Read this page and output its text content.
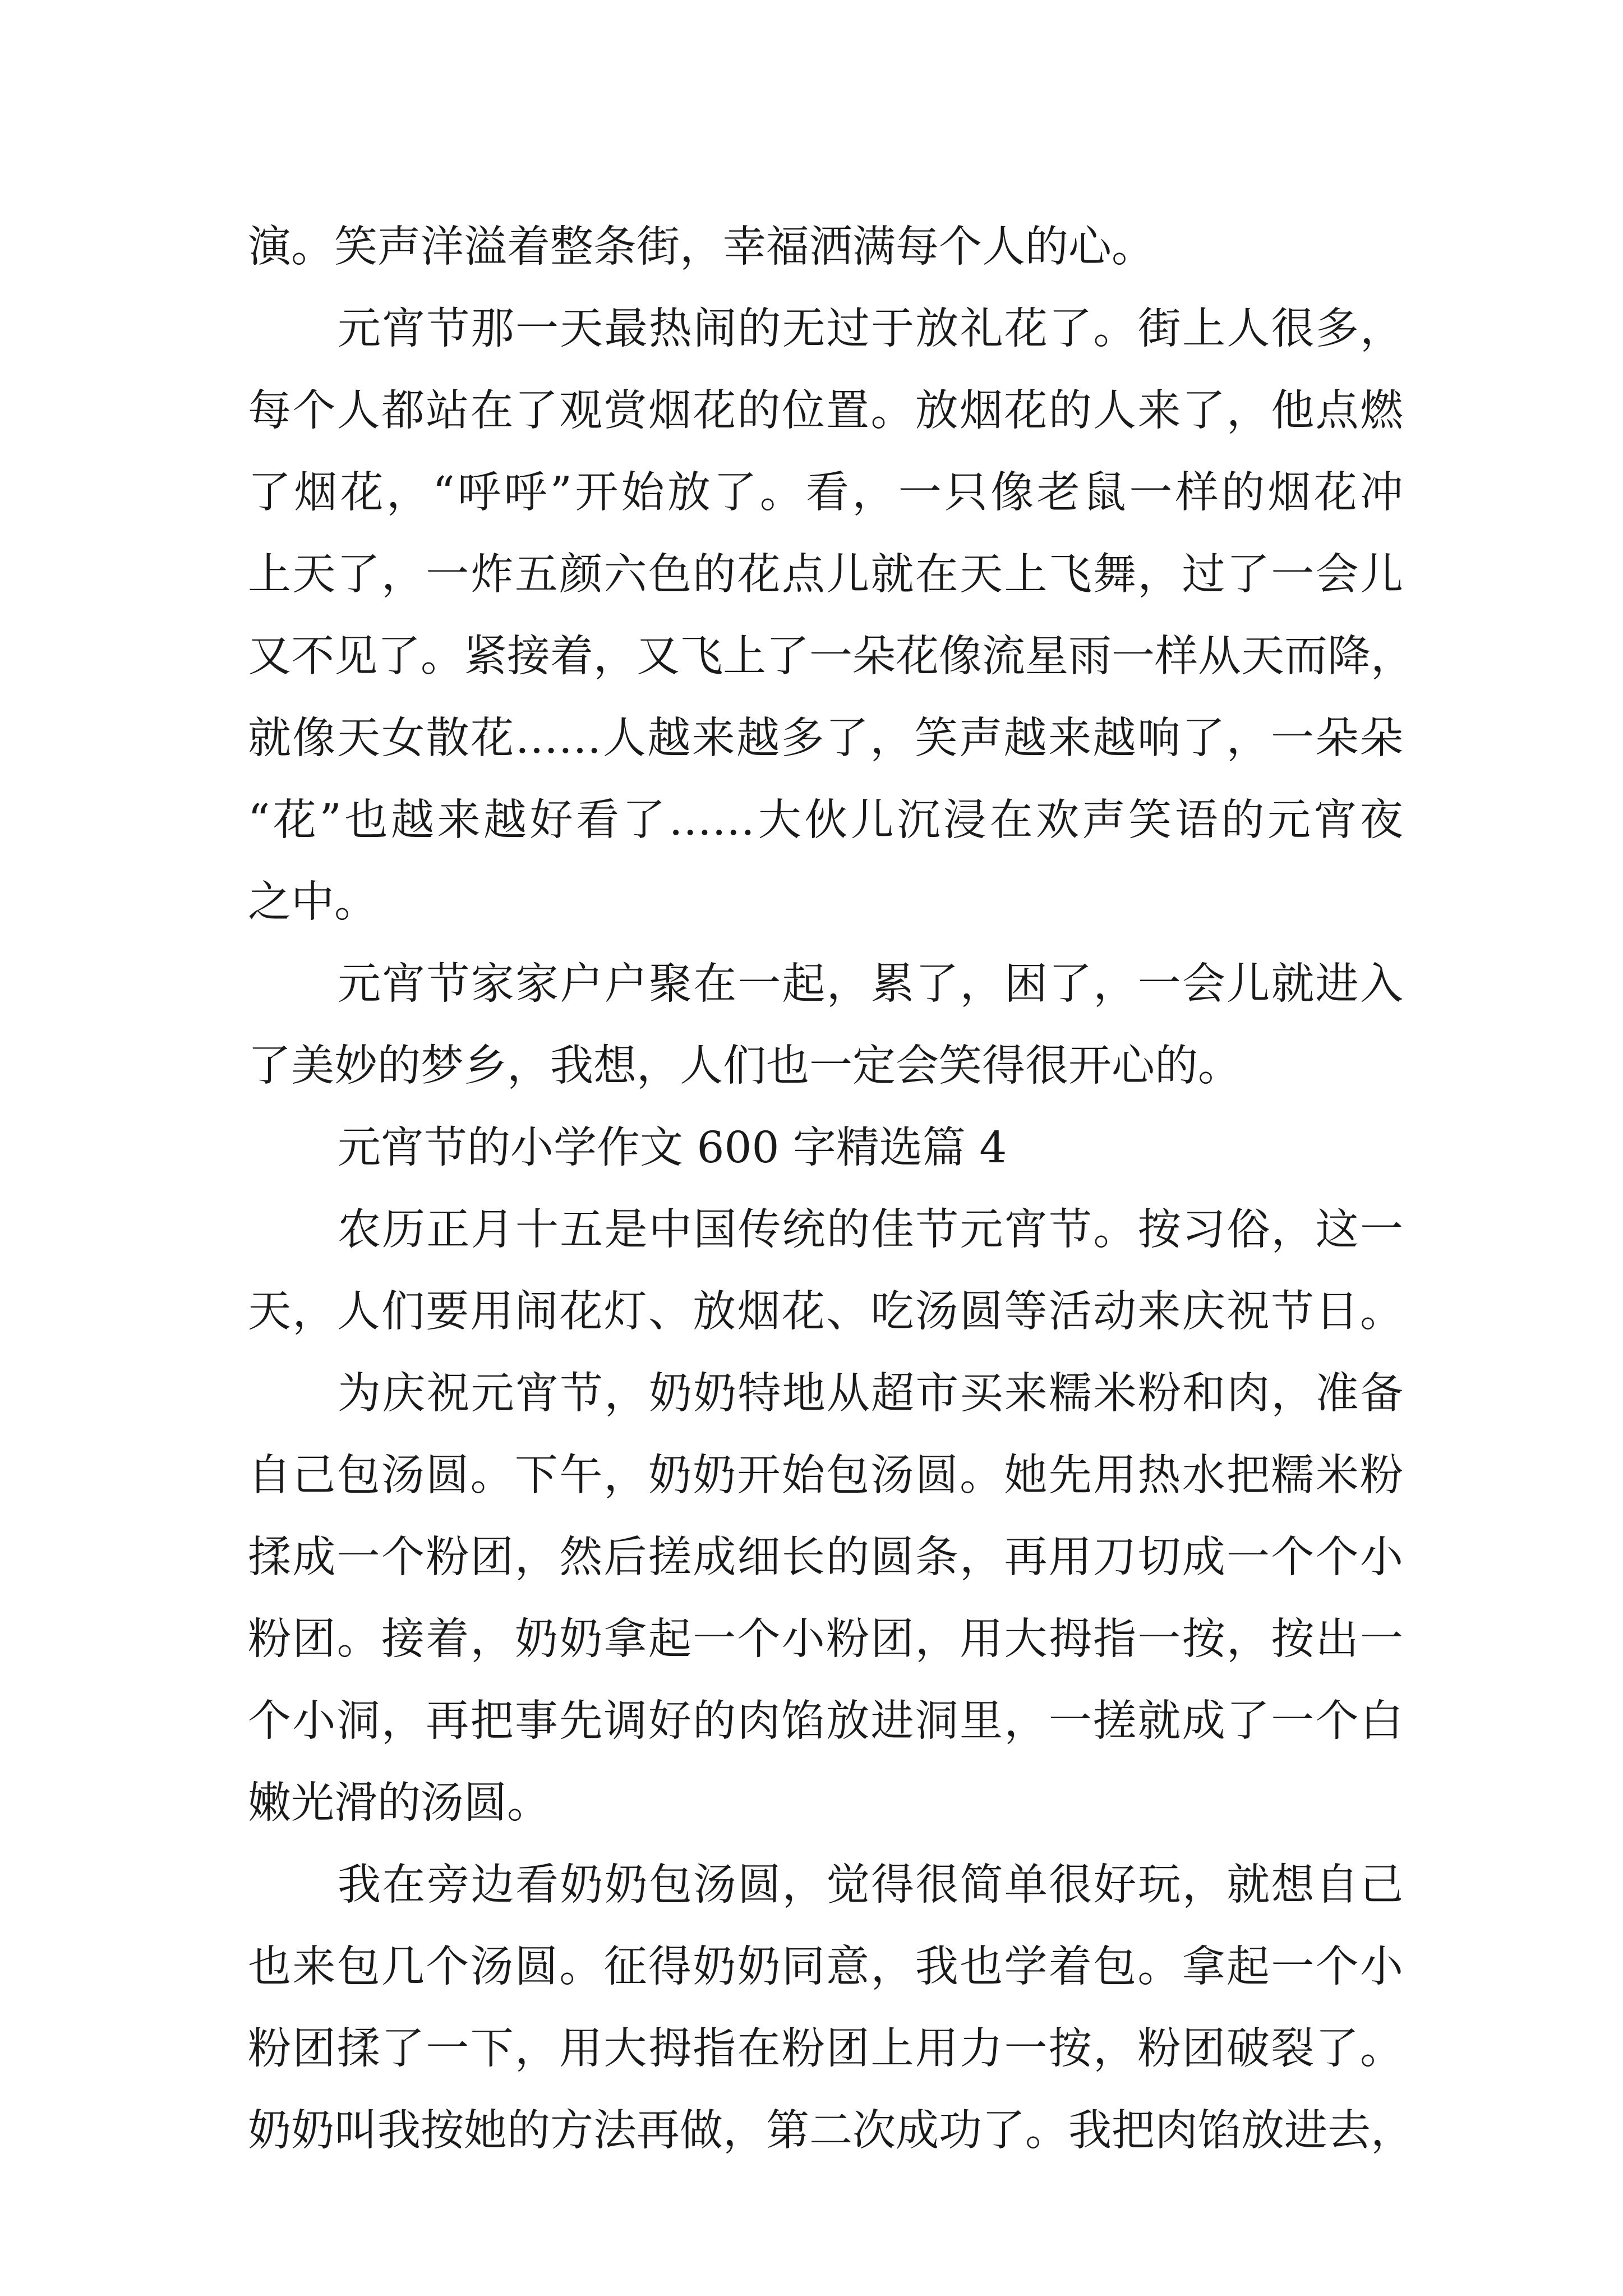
演。笑声洋溢着整条街，幸福洒满每个人的心。
元宵节那一天最热闹的无过于放礼花了。街上人很多，
每个人都站在了观赏烟花的位置。放烟花的人来了，他点燃
了烟花，“呼呼”开始放了。看，一只像老鼠一样的烟花冲
上天了，一炸五颜六色的花点儿就在天上飞舞，过了一会儿
又不见了。紧接着，又飞上了一朵花像流星雨一样从天而降，
就像天女散花……人越来越多了，笑声越来越响了，一朵朵
“花”也越来越好看了……大伙儿沉浸在欢声笑语的元宵夜
之中。
元宵节家家户户聚在一起，累了，困了，一会儿就进入
了美妙的梦乡，我想，人们也一定会笑得很开心的。
元宵节的小学作文 600 字精选篇 4
农历正月十五是中国传统的佳节元宵节。按习俗，这一
天，人们要用闹花灯、放烟花、吃汤圆等活动来庆祝节日。
为庆祝元宵节，奶奶特地从超市买来糯米粉和肉，准备
自己包汤圆。下午，奶奶开始包汤圆。她先用热水把糯米粉
揉成一个粉团，然后搓成细长的圆条，再用刀切成一个个小
粉团。接着，奶奶拿起一个小粉团，用大拇指一按，按出一
个小洞，再把事先调好的肉馅放进洞里，一搓就成了一个白
嫩光滑的汤圆。
我在旁边看奶奶包汤圆，觉得很简单很好玩，就想自己
也来包几个汤圆。征得奶奶同意，我也学着包。拿起一个小
粉团揉了一下，用大拇指在粉团上用力一按，粉团破裂了。
奶奶叫我按她的方法再做，第二次成功了。我把肉馅放进去，
